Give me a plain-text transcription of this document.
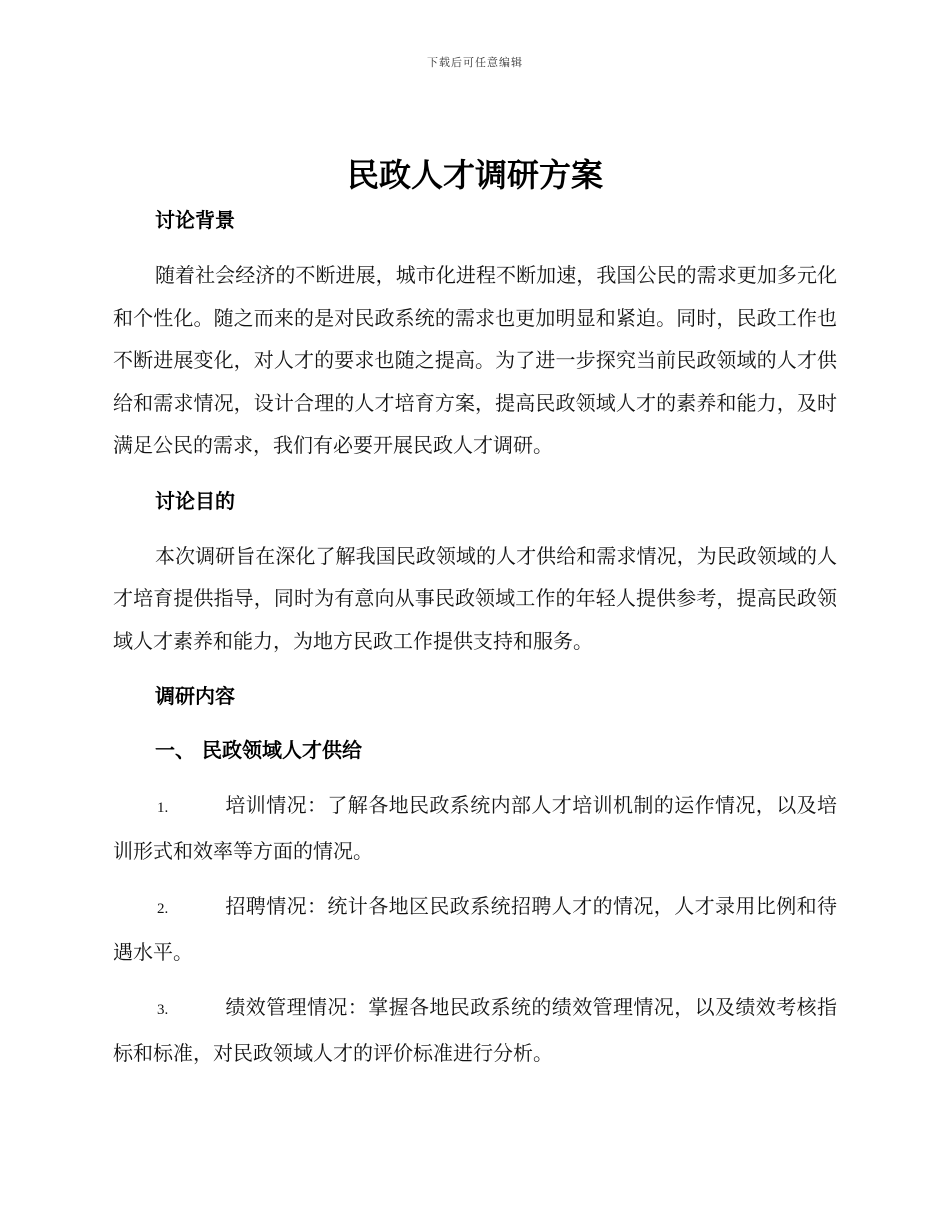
下载后可任意编辑
民政人才调研方案
讨论背景

随着社会经济的不断进展，城市化进程不断加速，我国公民的需求更加多元化和个性化。随之而来的是对民政系统的需求也更加明显和紧迫。同时，民政工作也不断进展变化，对人才的要求也随之提高。为了进一步探究当前民政领域的人才供给和需求情况，设计合理的人才培育方案，提高民政领域人才的素养和能力，及时满足公民的需求，我们有必要开展民政人才调研。

讨论目的

本次调研旨在深化了解我国民政领域的人才供给和需求情况，为民政领域的人才培育提供指导，同时为有意向从事民政领域工作的年轻人提供参考，提高民政领域人才素养和能力，为地方民政工作提供支持和服务。

调研内容
一、 民政领域人才供给

1.	培训情况：了解各地民政系统内部人才培训机制的运作情况，以及培训形式和效率等方面的情况。

2.	招聘情况：统计各地区民政系统招聘人才的情况，人才录用比例和待遇水平。

3.	绩效管理情况：掌握各地民政系统的绩效管理情况，以及绩效考核指标和标准，对民政领域人才的评价标准进行分析。
